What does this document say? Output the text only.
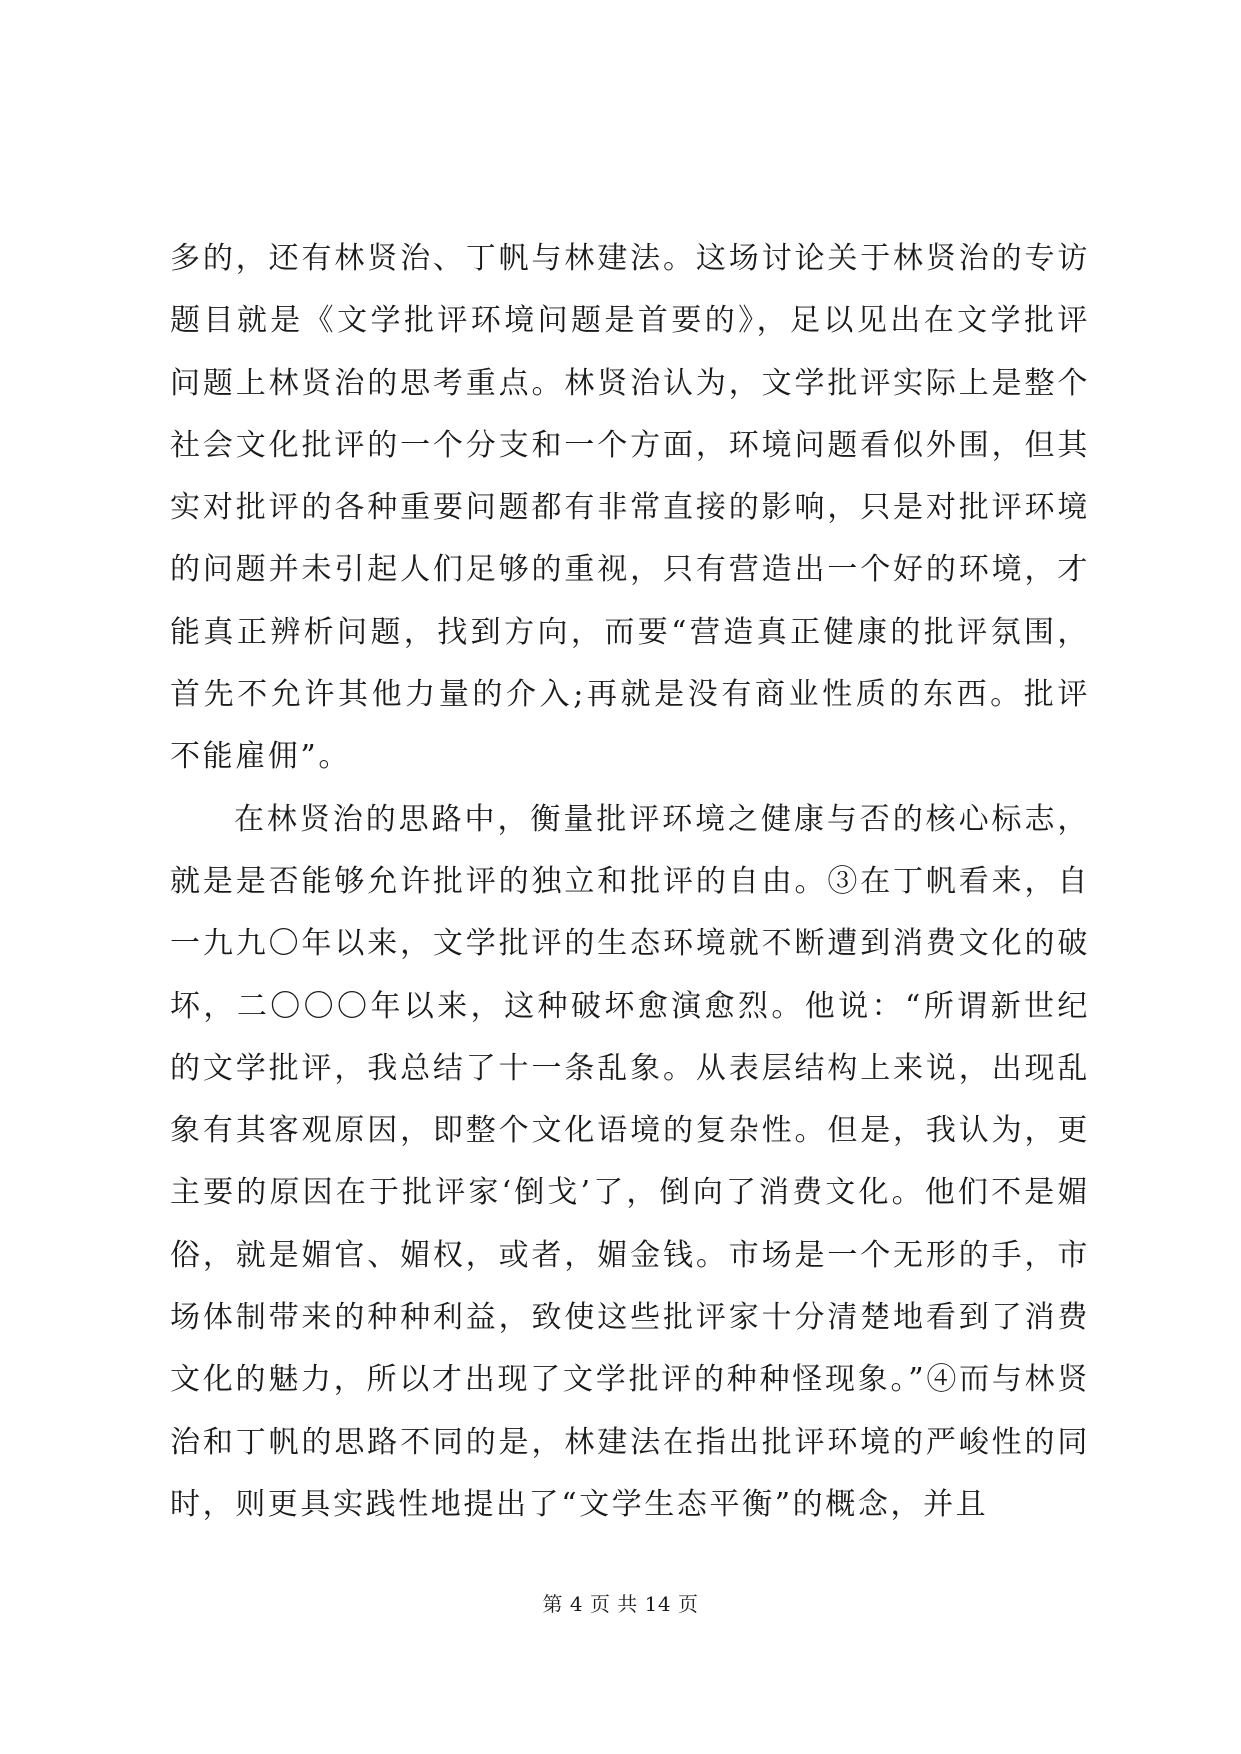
多的，还有林贤治、丁帆与林建法。这场讨论关于林贤治的专访题目就是《文学批评环境问题是首要的》，足以见出在文学批评问题上林贤治的思考重点。林贤治认为，文学批评实际上是整个社会文化批评的一个分支和一个方面，环境问题看似外围，但其实对批评的各种重要问题都有非常直接的影响，只是对批评环境的问题并未引起人们足够的重视，只有营造出一个好的环境，才能真正辨析问题，找到方向，而要“营造真正健康的批评氛围，首先不允许其他力量的介入;再就是没有商业性质的东西。批评不能雇佣”。

在林贤治的思路中，衡量批评环境之健康与否的核心标志，就是是否能够允许批评的独立和批评的自由。③在丁帆看来，自一九九〇年以来，文学批评的生态环境就不断遭到消费文化的破坏，二〇〇〇年以来，这种破坏愈演愈烈。他说：“所谓新世纪的文学批评，我总结了十一条乱象。从表层结构上来说，出现乱象有其客观原因，即整个文化语境的复杂性。但是，我认为，更主要的原因在于批评家‘倒戈’了，倒向了消费文化。他们不是媚俗，就是媚官、媚权，或者，媚金钱。市场是一个无形的手，市场体制带来的种种利益，致使这些批评家十分清楚地看到了消费文化的魅力，所以才出现了文学批评的种种怪现象。”④而与林贤治和丁帆的思路不同的是，林建法在指出批评环境的严峻性的同时，则更具实践性地提出了“文学生态平衡”的概念，并且

第 4 页 共 14 页
